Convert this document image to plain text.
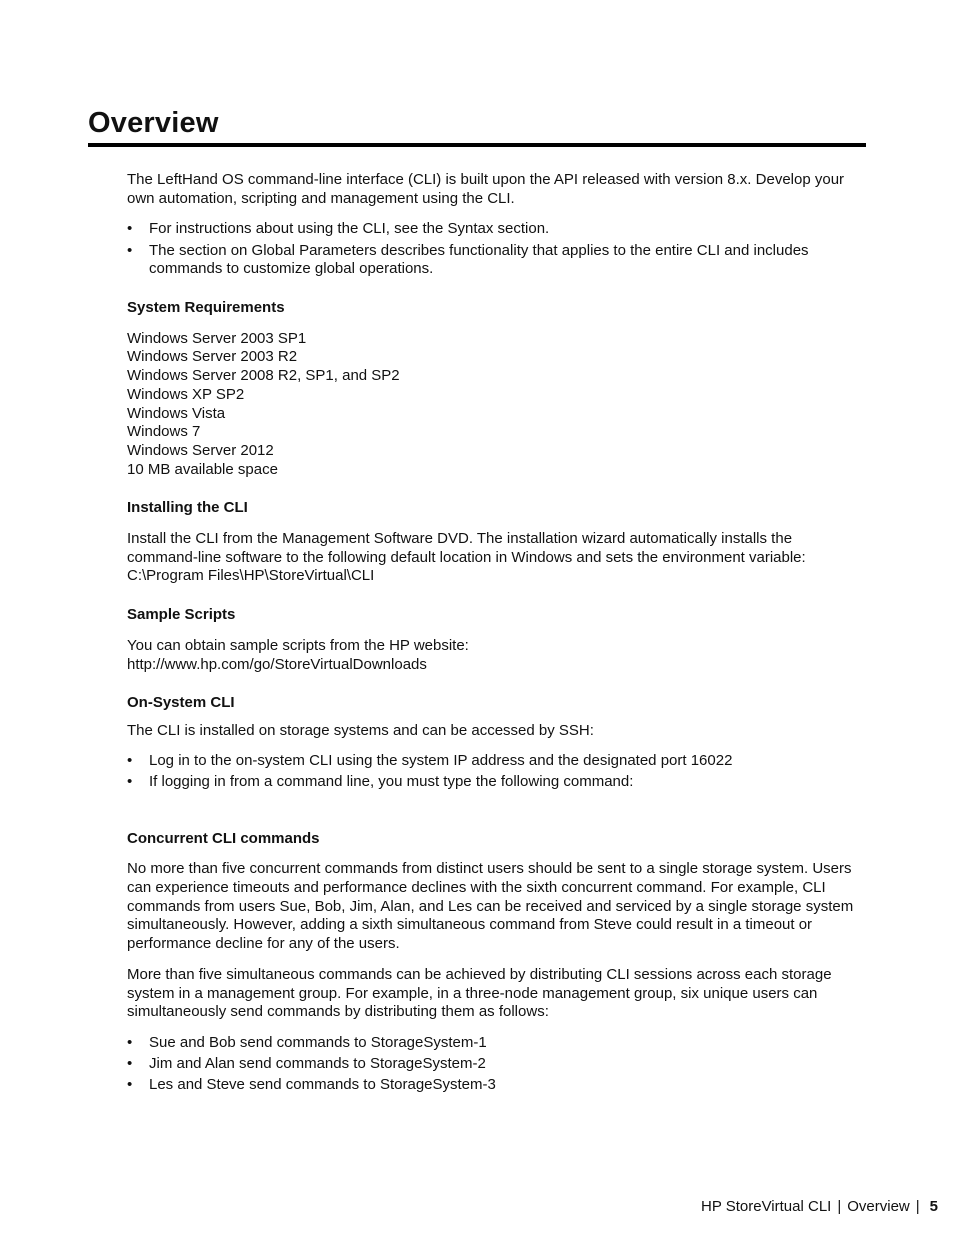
Overview

The LeftHand OS command-line interface (CLI) is built upon the API released with version 8.x. Develop your own automation, scripting and management using the CLI.

• For instructions about using the CLI, see the Syntax section.
• The section on Global Parameters describes functionality that applies to the entire CLI and includes commands to customize global operations.

System Requirements

Windows Server 2003 SP1
Windows Server 2003 R2
Windows Server 2008 R2, SP1, and SP2
Windows XP SP2
Windows Vista
Windows 7
Windows Server 2012
10 MB available space

Installing the CLI

Install the CLI from the Management Software DVD. The installation wizard automatically installs the command-line software to the following default location in Windows and sets the environment variable:

C:\Program Files\HP\StoreVirtual\CLI

Sample Scripts

You can obtain sample scripts from the HP website:

http://www.hp.com/go/StoreVirtualDownloads

On-System CLI

The CLI is installed on storage systems and can be accessed by SSH:

• Log in to the on-system CLI using the system IP address and the designated port 16022
• If logging in from a command line, you must type the following command:

Concurrent CLI commands

No more than five concurrent commands from distinct users should be sent to a single storage system. Users can experience timeouts and performance declines with the sixth concurrent command. For example, CLI commands from users Sue, Bob, Jim, Alan, and Les can be received and serviced by a single storage system simultaneously. However, adding a sixth simultaneous command from Steve could result in a timeout or performance decline for any of the users.

More than five simultaneous commands can be achieved by distributing CLI sessions across each storage system in a management group. For example, in a three-node management group, six unique users can simultaneously send commands by distributing them as follows:

• Sue and Bob send commands to StorageSystem-1
• Jim and Alan send commands to StorageSystem-2
• Les and Steve send commands to StorageSystem-3
HP StoreVirtual CLI | Overview | 5
